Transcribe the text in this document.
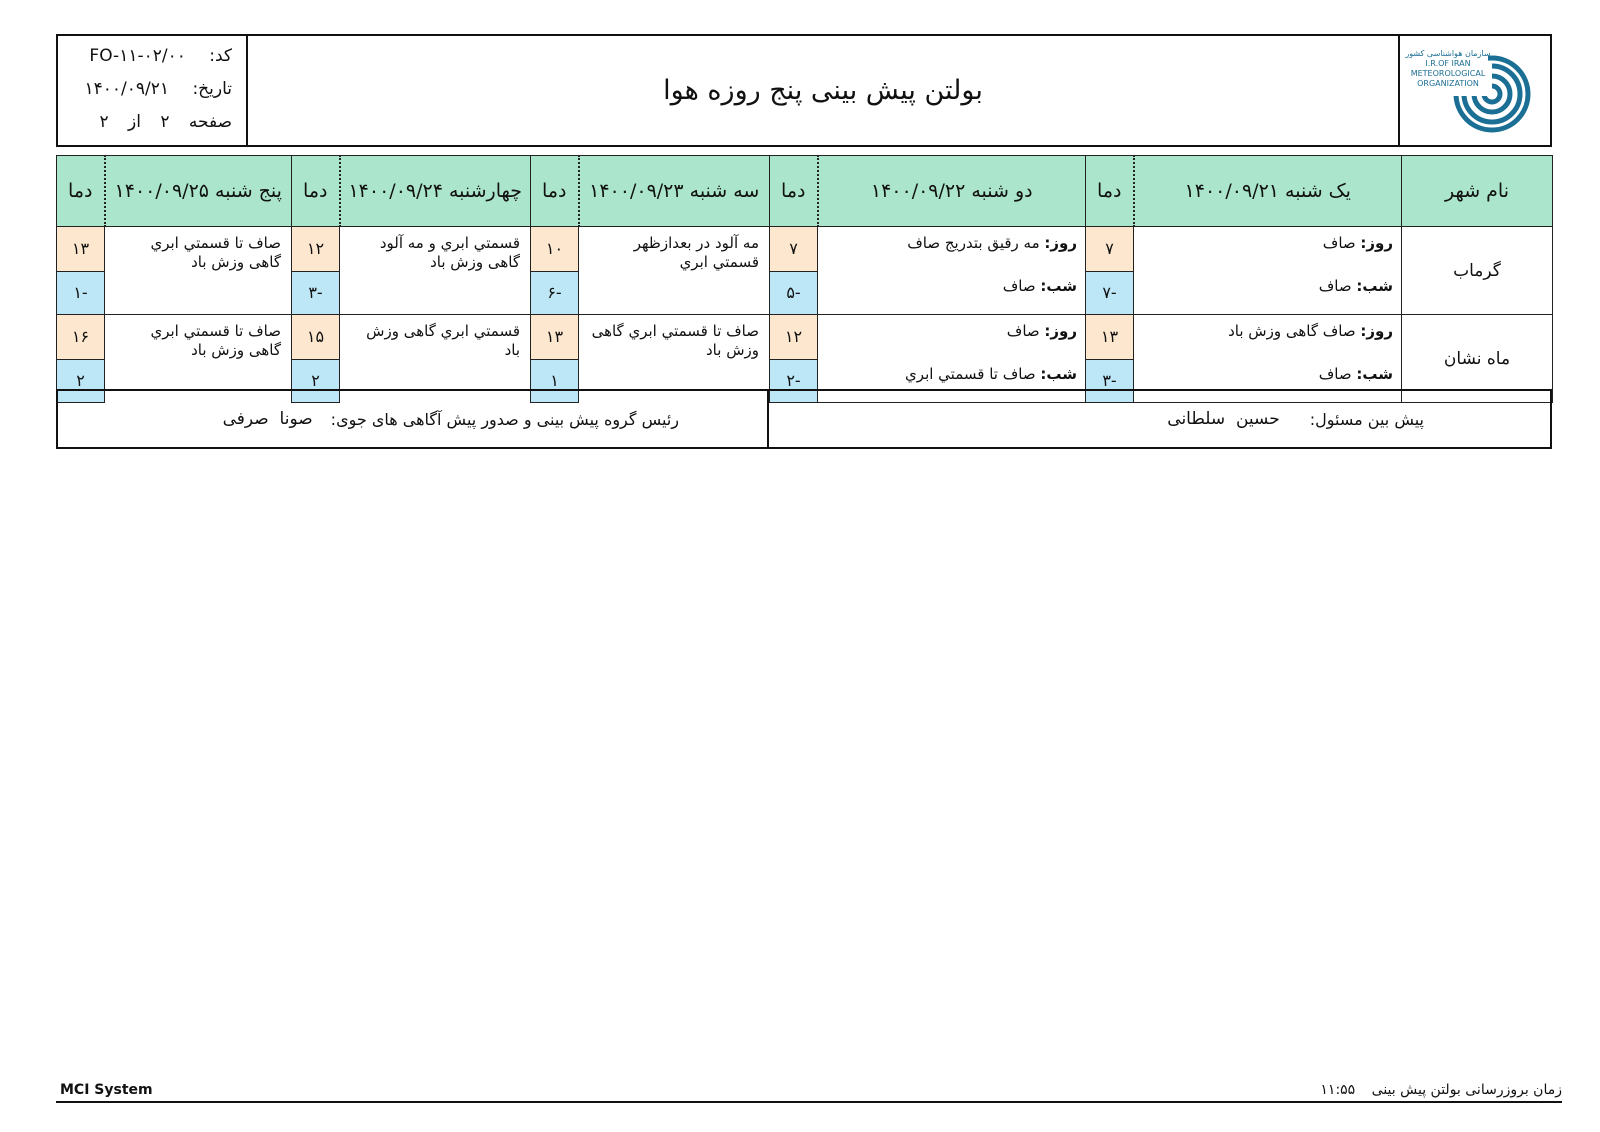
کد: FO-۱۱-۰۲/۰۰
تاریخ: ۱۴۰۰/۰۹/۲۱
صفحه ۲ از ۲
بولتن پیش بینی پنج روزه هوا
سازمان هواشناسی کشور
I.R.OF IRAN
METEOROLOGICAL
ORGANIZATION
نام شهر	یک شنبه ۱۴۰۰/۰۹/۲۱	دما	دو شنبه ۱۴۰۰/۰۹/۲۲	دما	سه شنبه ۱۴۰۰/۰۹/۲۳	دما	چهارشنبه ۱۴۰۰/۰۹/۲۴	دما	پنج شنبه ۱۴۰۰/۰۹/۲۵	دما
گرماب	روز: صاف	۷	روز: مه رقیق بتدریج صاف	۷	مه آلود در بعدازظهر قسمتي ابري	۱۰	قسمتي ابري و مه آلود گاهی وزش باد	۱۲	صاف تا قسمتي ابري گاهی وزش باد	۱۳
	شب: صاف	-۷	شب: صاف	-۵		-۶		-۳		-۱
ماه نشان	روز: صاف گاهی وزش باد	۱۳	روز: صاف	۱۲	صاف تا قسمتي ابري گاهی وزش باد	۱۳	قسمتي ابري گاهی وزش باد	۱۵	صاف تا قسمتي ابري گاهی وزش باد	۱۶
	شب: صاف	-۳	شب: صاف تا قسمتي ابري	-۲		۱		۲		۲
پیش بین مسئول:
حسین  سلطانی
رئیس گروه پیش بینی و صدور پیش آگاهی های جوی:
صونا  صرفی
MCI System	زمان بروزرسانی بولتن پیش بینی ۱۱:۵۵
